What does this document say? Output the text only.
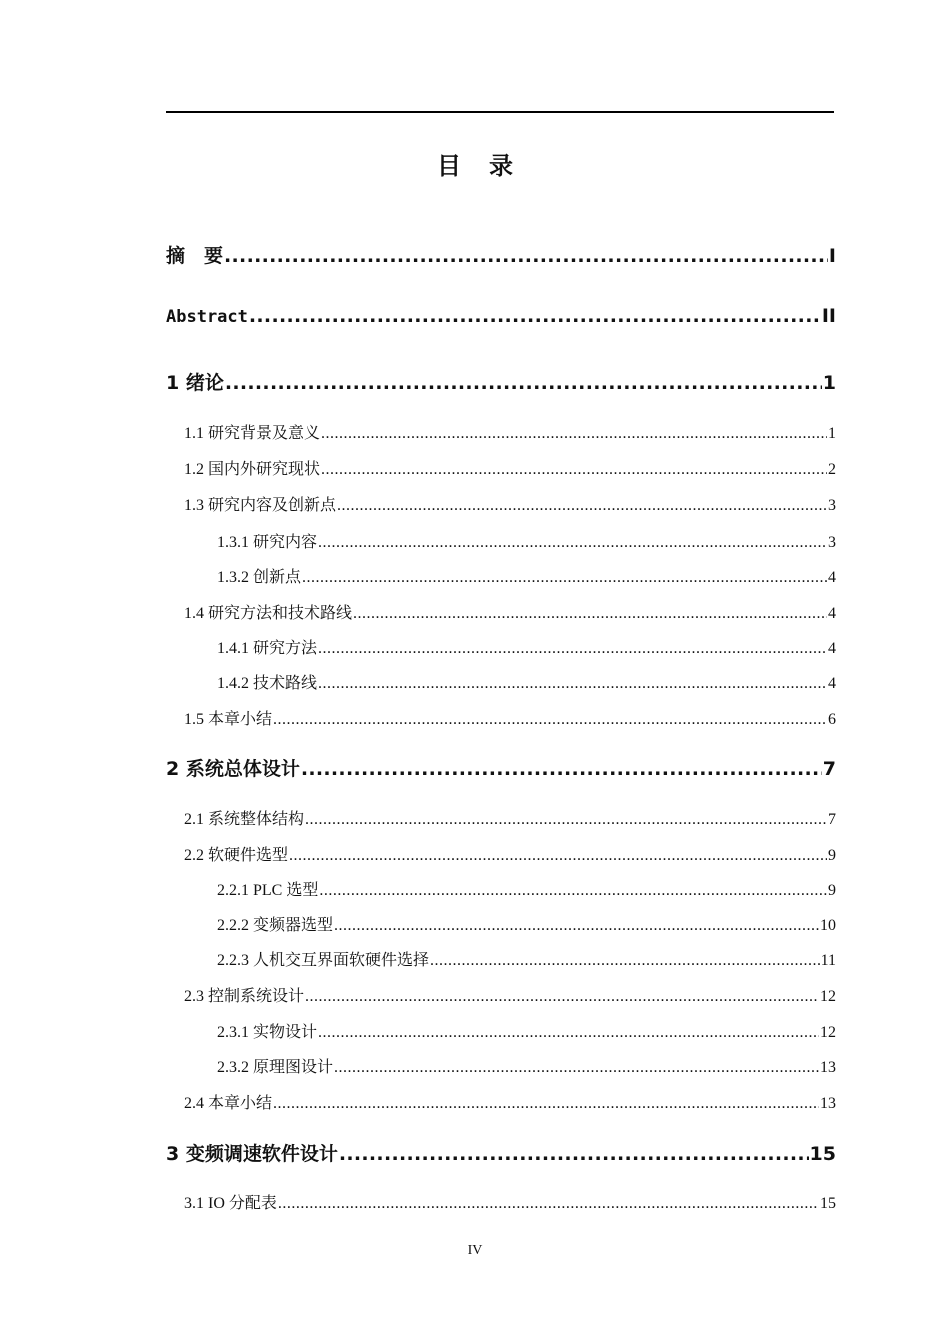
目录
摘　要 .....	I
Abstract .....	II
1 绪论 .....	1
1.1 研究背景及意义 .....	1
1.2 国内外研究现状 .....	2
1.3 研究内容及创新点 .....	3
1.3.1 研究内容 .....	3
1.3.2 创新点 .....	4
1.4 研究方法和技术路线 .....	4
1.4.1 研究方法 .....	4
1.4.2 技术路线 .....	4
1.5 本章小结 .....	6
2 系统总体设计 .....	7
2.1 系统整体结构 .....	7
2.2 软硬件选型 .....	9
2.2.1 PLC 选型 .....	9
2.2.2 变频器选型 .....	10
2.2.3 人机交互界面软硬件选择 .....	11
2.3 控制系统设计 .....	12
2.3.1 实物设计 .....	12
2.3.2 原理图设计 .....	13
2.4 本章小结 .....	13
3 变频调速软件设计 .....	15
3.1 IO 分配表 .....	15
IV
